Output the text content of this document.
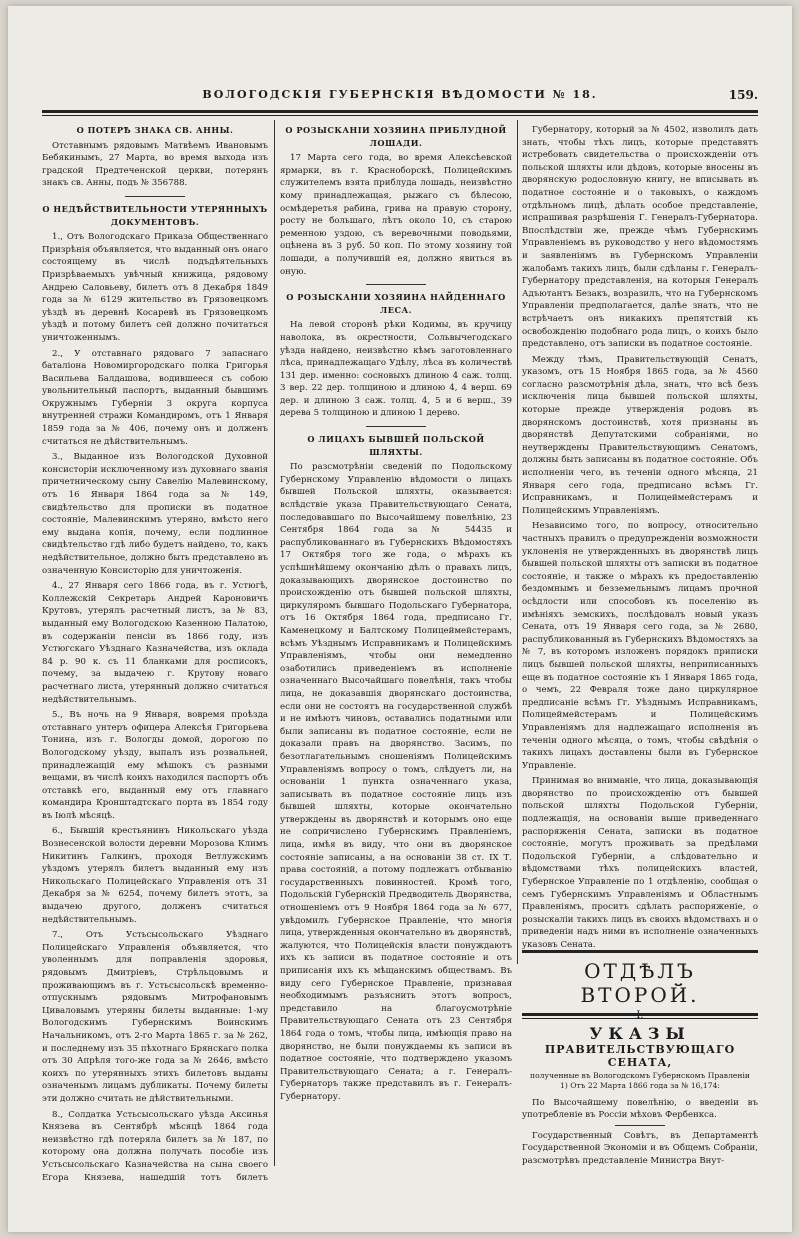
ВОЛОГОДСКІЯ ГУБЕРНСКІЯ ВѢДОМОСТИ № 18.	159.

О ПОТЕРѢ ЗНАКА СВ. АННЫ.

Отставнымъ рядовымъ Матвѣемъ Ивановымъ Бебякинымъ, 27 Марта, во время выхода изъ градской Предтеченской церкви, потерянъ знакъ св. Анны, подъ № 356788.

О НЕДѢЙСТВИТЕЛЬНОСТИ УТЕРЯННЫХЪ ДОКУМЕНТОВЪ.

1., Отъ Вологодскаго Приказа Общественнаго Призрѣнія объявляется, что выданный онъ онаго состоящему въ числѣ подъдѣятельныхъ Призрѣваемыхъ увѣчный книжица, рядовому Андрею Саловьеву, билетъ отъ 8 Декабря 1849 года за № 6129 жительство въ Грязовецкомъ уѣздѣ въ деревнѣ Косаревѣ въ Грязовецкомъ уѣздѣ и потому билетъ сей должно почитаться уничтоженнымъ.

2., У отставнаго рядоваго 7 запаснаго баталіона Новомиргородскаго полка Григорья Васильева Балдашова, водившееся съ собою увольнительный паспортъ, выданный бывшимъ Окружнымъ Губерніи 3 округа корпуса внутренней стражи Командиромъ, отъ 1 Января 1859 года за № 406, почему онъ и долженъ считаться не дѣйствительнымъ.

3., Выданное изъ Вологодской Духовной консисторіи исключенному изъ духовнаго званія причетническому сыну Савелію Малевинскому, отъ 16 Января 1864 года за № 149, свидѣтельство для прописки въ податное состояніе, Малевинскимъ утеряно, вмѣсто него ему выдана копія, почему, если подлинное свидѣтельство гдѣ либо будетъ найдено, то, какъ недѣйствительное, должно быть представлено въ означенную Консисторію для уничтоженія.

4., 27 Января сего 1866 года, въ г. Устюгѣ, Коллежскій Секретарь Андрей Кароновичъ Крутовъ, утерялъ расчетный листъ, за № 83, выданный ему Вологодскою Казенною Палатою, въ содержаніи пенсіи въ 1866 году, изъ Устюгскаго Уѣзднаго Казначейства, изъ оклада 84 р. 90 к. съ 11 бланками для росписокъ, почему, за выдачею г. Крутову новаго расчетнаго листа, утерянный должно считаться недѣйствительнымъ.

5., Въ ночь на 9 Января, вовремя проѣзда отставнаго унтеръ офицера Алексѣя Григорьева Тонина, изъ г. Вологды домой, дорогою по Вологодскому уѣзду, выпалъ изъ розвальней, принадлежащій ему мѣшокъ съ разными вещами, въ числѣ коихъ находился паспортъ объ отставкѣ его, выданный ему отъ главнаго командира Кронштадтскаго порта въ 1854 году въ Іюлѣ мѣсяцѣ.

6., Бывшій крестьянинъ Никольскаго уѣзда Вознесенской волости деревни Морозова Климъ Никитинъ Галкинъ, проходя Ветлужскимъ уѣздомъ утерялъ билетъ выданный ему изъ Никольскаго Полицейскаго Управленія отъ 31 Декабря за № 6254, почему билетъ этотъ, за выдачею другого, долженъ считаться недѣйствительнымъ.

7., Отъ Устьсысольскаго Уѣзднаго Полицейскаго Управленія объявляется, что уволеннымъ для поправленія здоровья, рядовымъ Дмитріевъ, Стрѣльцовымъ и проживающимъ въ г. Устьсысольскѣ временно-отпускнымъ рядовымъ Митрофановымъ Циваловымъ утеряны билеты выданные: 1-му Вологодскимъ Губернскимъ Воинскимъ Начальникомъ, отъ 2-го Марта 1865 г. за № 262, и последнему изъ 35 пѣхотнаго Брянскаго полка отъ 30 Апрѣля того-же года за № 2646, вмѣсто коихъ по утерянныхъ этихъ билетовъ выданы означенымъ лицамъ дубликаты. Почему билеты эти должно считать не дѣйствительными.

8., Солдатка Устьсысольскаго уѣзда Аксинья Князева въ Сентябрѣ мѣсяцѣ 1864 года неизвѣстно гдѣ потеряла билетъ за № 187, по которому она должна получать пособіе изъ Устьсысольскаго Казначейства на сына своего Егора Князева, нашедшій тотъ билетъ

О РОЗЫСКАНІИ ХОЗЯИНА ПРИБЛУДНОЙ ЛОШАДИ.

17 Марта сего года, во время Алексѣевской ярмарки, въ г. Красноборскѣ, Полицейскимъ служителемъ взята приблуда лошадь, неизвѣстно кому принадлежащая, рыжаго съ бѣлесою, осмѣдеретья рабина, грива на правую сторону, росту не большаго, лѣтъ около 10, съ старою ременною уздою, съ веревочными поводьями, оцѣнена въ 3 руб. 50 коп. По этому хозяину той лошади, а получившій ея, должно явиться въ оную.

О РОЗЫСКАНІИ ХОЗЯИНА НАЙДЕННАГО ЛЕСА.

На левой сторонѣ рѣки Кодимы, въ кручицу наволока, въ окрестности, Сольвычегодскаго уѣзда найдено, неизвѣстно кѣмъ заготовленнаго лѣса, принадлежащаго Удѣлу, лѣса въ количествѣ 131 дер. именно: сосновыхъ длиною 4 саж. толщ. 3 вер. 22 дер. толщиною и длиною 4, 4 верш. 69 дер. и длиною 3 саж. толщ. 4, 5 и 6 верш., 39 дерева 5 толщиною и длиною 1 дерево.

О ЛИЦАХЪ БЫВШЕЙ ПОЛЬСКОЙ ШЛЯХТЫ.

По разсмотрѣніи сведеній по Подольскому Губернскому Управленію вѣдомости о лицахъ бывшей Польской шляхты, оказывается: вслѣдствіе указа Правительствующаго Сената, последовавшаго по Высочайшему повелѣнію, 23 Сентября 1864 года за № 54435 и распубликованнаго въ Губернскихъ Вѣдомостяхъ 17 Октября того же года, о мѣрахъ къ успѣшнѣйшему окончанію дѣлъ о правахъ лицъ, доказывающихъ дворянское достоинство по происхожденію отъ бывшей польской шляхты, циркуляромъ бывшаго Подольскаго Губернатора, отъ 16 Октября 1864 года, предписано Гг. Каменецкому и Балтскому Полицеймейстерамъ, всѣмъ Уѣзднымъ Исправникамъ и Полицейскимъ Управленіямъ, чтобы они немедленно озаботились приведеніемъ въ исполненіе означеннаго Высочайшаго повелѣнія, такъ чтобы лица, не доказавшія дворянскаго достоинства, если они не состоятъ на государственной службѣ и не имѣютъ чиновъ, оставались податными или были записаны въ податное состояніе, если не доказали правъ на дворянство. Засимъ, по безотлагательнымъ сношеніямъ Полицейскимъ Управленіямъ вопросу о томъ, слѣдуетъ ли, на основаніи 1 пункта означеннаго указа, записывать въ податное состояніе лицъ изъ бывшей шляхты, которые окончательно утверждены въ дворянствѣ и которымъ оно еще не сопричислено Губернскимъ Правленіемъ, лица, имѣя въ виду, что они въ дворянское состояніе записаны, а на основаніи 38 ст. IX Т. права состояній, а потому подлежатъ отбыванію государственныхъ повинностей. Кромѣ того, Подольскій Губернскій Предводитель Дворянства, отношеніемъ отъ 9 Ноября 1864 года за № 677, увѣдомилъ Губернское Правленіе, что многія лица, утвержденныя окончательно въ дворянствѣ, жалуются, что Полицейскія власти понуждаютъ ихъ къ записи въ податное состояніе и отъ приписанія ихъ къ мѣщанскимъ обществамъ. Въ виду сего Губернское Правленіе, признавая необходимымъ разъяснить этотъ вопросъ, представило на благоусмотрѣніе Правительствующаго Сената отъ 23 Сентября 1864 года о томъ, чтобы лица, имѣющія право на дворянство, не были понуждаемы къ записи въ податное состояніе, что подтверждено указомъ Правительствующаго Сената; а г. Генералъ-Губернаторъ также представилъ въ г. Генералъ-Губернатору.

Губернатору, который за № 4502, изволилъ дать знать, чтобы тѣхъ лицъ, которые представятъ истребовать свидетельства о происхожденіи отъ польской шляхты или дѣдовъ, которые вносены въ дворянскую родословную книгу, не вписывать въ податное состояніе и о таковыхъ, о каждомъ отдѣльномъ лицѣ, дѣлать особое представленіе, испрашивая разрѣшенія Г. Генералъ-Губернатора. Впослѣдствіи же, прежде чѣмъ Губернскимъ Управленіемъ въ руководство у него вѣдомостямъ и заявленіямъ въ Губернскомъ Управленіи жалобамъ такихъ лицъ, были сдѣланы г. Генералъ-Губернатору представленія, на которыя Генералъ Адъютантъ Безакъ, возразилъ, что на Губернскомъ Управленіи предполагается, далѣе знать, что не встрѣчаетъ онъ никакихъ препятствій къ освобожденію подобнаго рода лицъ, о коихъ было представлено, отъ записки въ податное состояніе.

Между тѣмъ, Правительствующій Сенатъ, указомъ, отъ 15 Ноября 1865 года, за № 4560 согласно разсмотрѣнія дѣла, знать, что всѣ безъ исключенія лица бывшей польской шляхты, которые прежде утвержденія родовъ въ дворянскомъ достоинствѣ, хотя признаны въ дворянствѣ Депутатскими собраніями, но неутверждены Правительствующимъ Сенатомъ, должны быть записаны въ податное состояніе. Объ исполненіи чего, въ теченіи одного мѣсяца, 21 Января сего года, предписано всѣмъ Гг. Исправникамъ, и Полицеймейстерамъ и Полицейскимъ Управленіямъ.

Независимо того, по вопросу, относительно частныхъ правилъ о предупрежденіи возможности уклоненія не утвержденныхъ въ дворянствѣ лицъ бывшей польской шляхты отъ записки въ податное состояніе, и также о мѣрахъ къ предоставленію бездомнымъ и безземельнымъ лицамъ прочной осѣдлости или способовъ къ поселенію въ имѣніяхъ земскихъ, послѣдовалъ новый указъ Сената, отъ 19 Января сего года, за № 2680, распубликованный въ Губернскихъ Вѣдомостяхъ за № 7, въ которомъ изложенъ порядокъ приписки лицъ бывшей польской шляхты, неприписанныхъ еще въ податное состояніе къ 1 Января 1865 года, о чемъ, 22 Февраля тоже дано циркулярное предписаніе всѣмъ Гг. Уѣзднымъ Исправникамъ, Полицеймейстерамъ и Полицейскимъ Управленіямъ для надлежащаго исполненія въ теченіи одного мѣсяца, о томъ, чтобы свѣдѣнія о такихъ лицахъ доставлены были въ Губернское Управленіе.

Принимая во вниманіе, что лица, доказывающія дворянство по происхожденію отъ бывшей польской шляхты Подольской Губерніи, подлежащія, на основаніи выше приведеннаго распоряженія Сената, записки въ податное состояніе, могутъ проживать за предѣлами Подольской Губерніи, а слѣдовательно и вѣдомствами тѣхъ полицейскихъ властей, Губернское Управленіе по 1 отдѣленію, сообщая о семъ Губернскимъ Управленіямъ и Областнымъ Правленіямъ, проситъ сдѣлать распоряженіе, о розыскаліи такихъ лицъ въ своихъ вѣдомствахъ и о приведеніи надъ ними въ исполненіе означенныхъ указовъ Сената.

ОТДѢЛЪ ВТОРОЙ.
I.
УКАЗЫ
ПРАВИТЕЛЬСТВУЮЩАГО СЕНАТА,
полученные въ Вологодскомъ Губернскомъ Правленіи
1) Отъ 22 Марта 1866 года за № 16,174:

По Высочайшему повелѣнію, о введеніи въ употребленіе въ Россіи мѣховъ Фербенкса.

Государственный Совѣтъ, въ Департаментѣ Государственной Экономіи и въ Общемъ Собраніи, разсмотрѣвъ представленіе Министра Внут-
